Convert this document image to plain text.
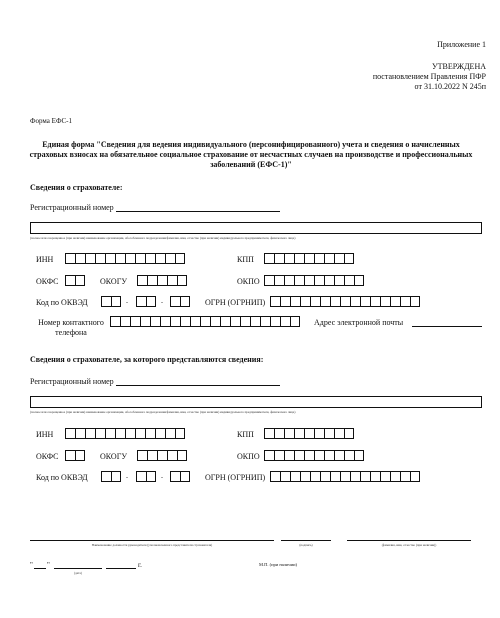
Приложение 1
УТВЕРЖДЕНА
постановлением Правления ПФР
от 31.10.2022 N 245п
Форма ЕФС-1
Единая форма "Сведения для ведения индивидуального (персонифицированного) учета и сведения о начисленных страховых взносах на обязательное социальное страхование от несчастных случаев на производстве и профессиональных заболеваний (ЕФС-1)"
Сведения о страхователе:
Регистрационный номер
(полное или сокращенное (при наличии) наименование организации, обособленного подразделения/фамилия, имя, отчество (при наличии) индивидуального предпринимателя, физического лица)
ИНН	КПП
ОКФС	ОКОГУ	ОКПО
Код по ОКВЭД	.	.	ОГРН (ОГРНИП)
Номер контактного телефона
Адрес электронной почты
Сведения о страхователе, за которого представляются сведения:
Регистрационный номер
(полное или сокращенное (при наличии) наименование организации, обособленного подразделения/фамилия, имя, отчество (при наличии) индивидуального предпринимателя, физического лица)
ИНН	КПП
ОКФС	ОКОГУ	ОКПО
Код по ОКВЭД	.	.	ОГРН (ОГРНИП)
Наименование должности руководителя (уполномоченного представителя страхователя)	(подпись)	(фамилия, имя, отчество (при наличии))
" "	г.
(дата)
М.П. (при наличии)
